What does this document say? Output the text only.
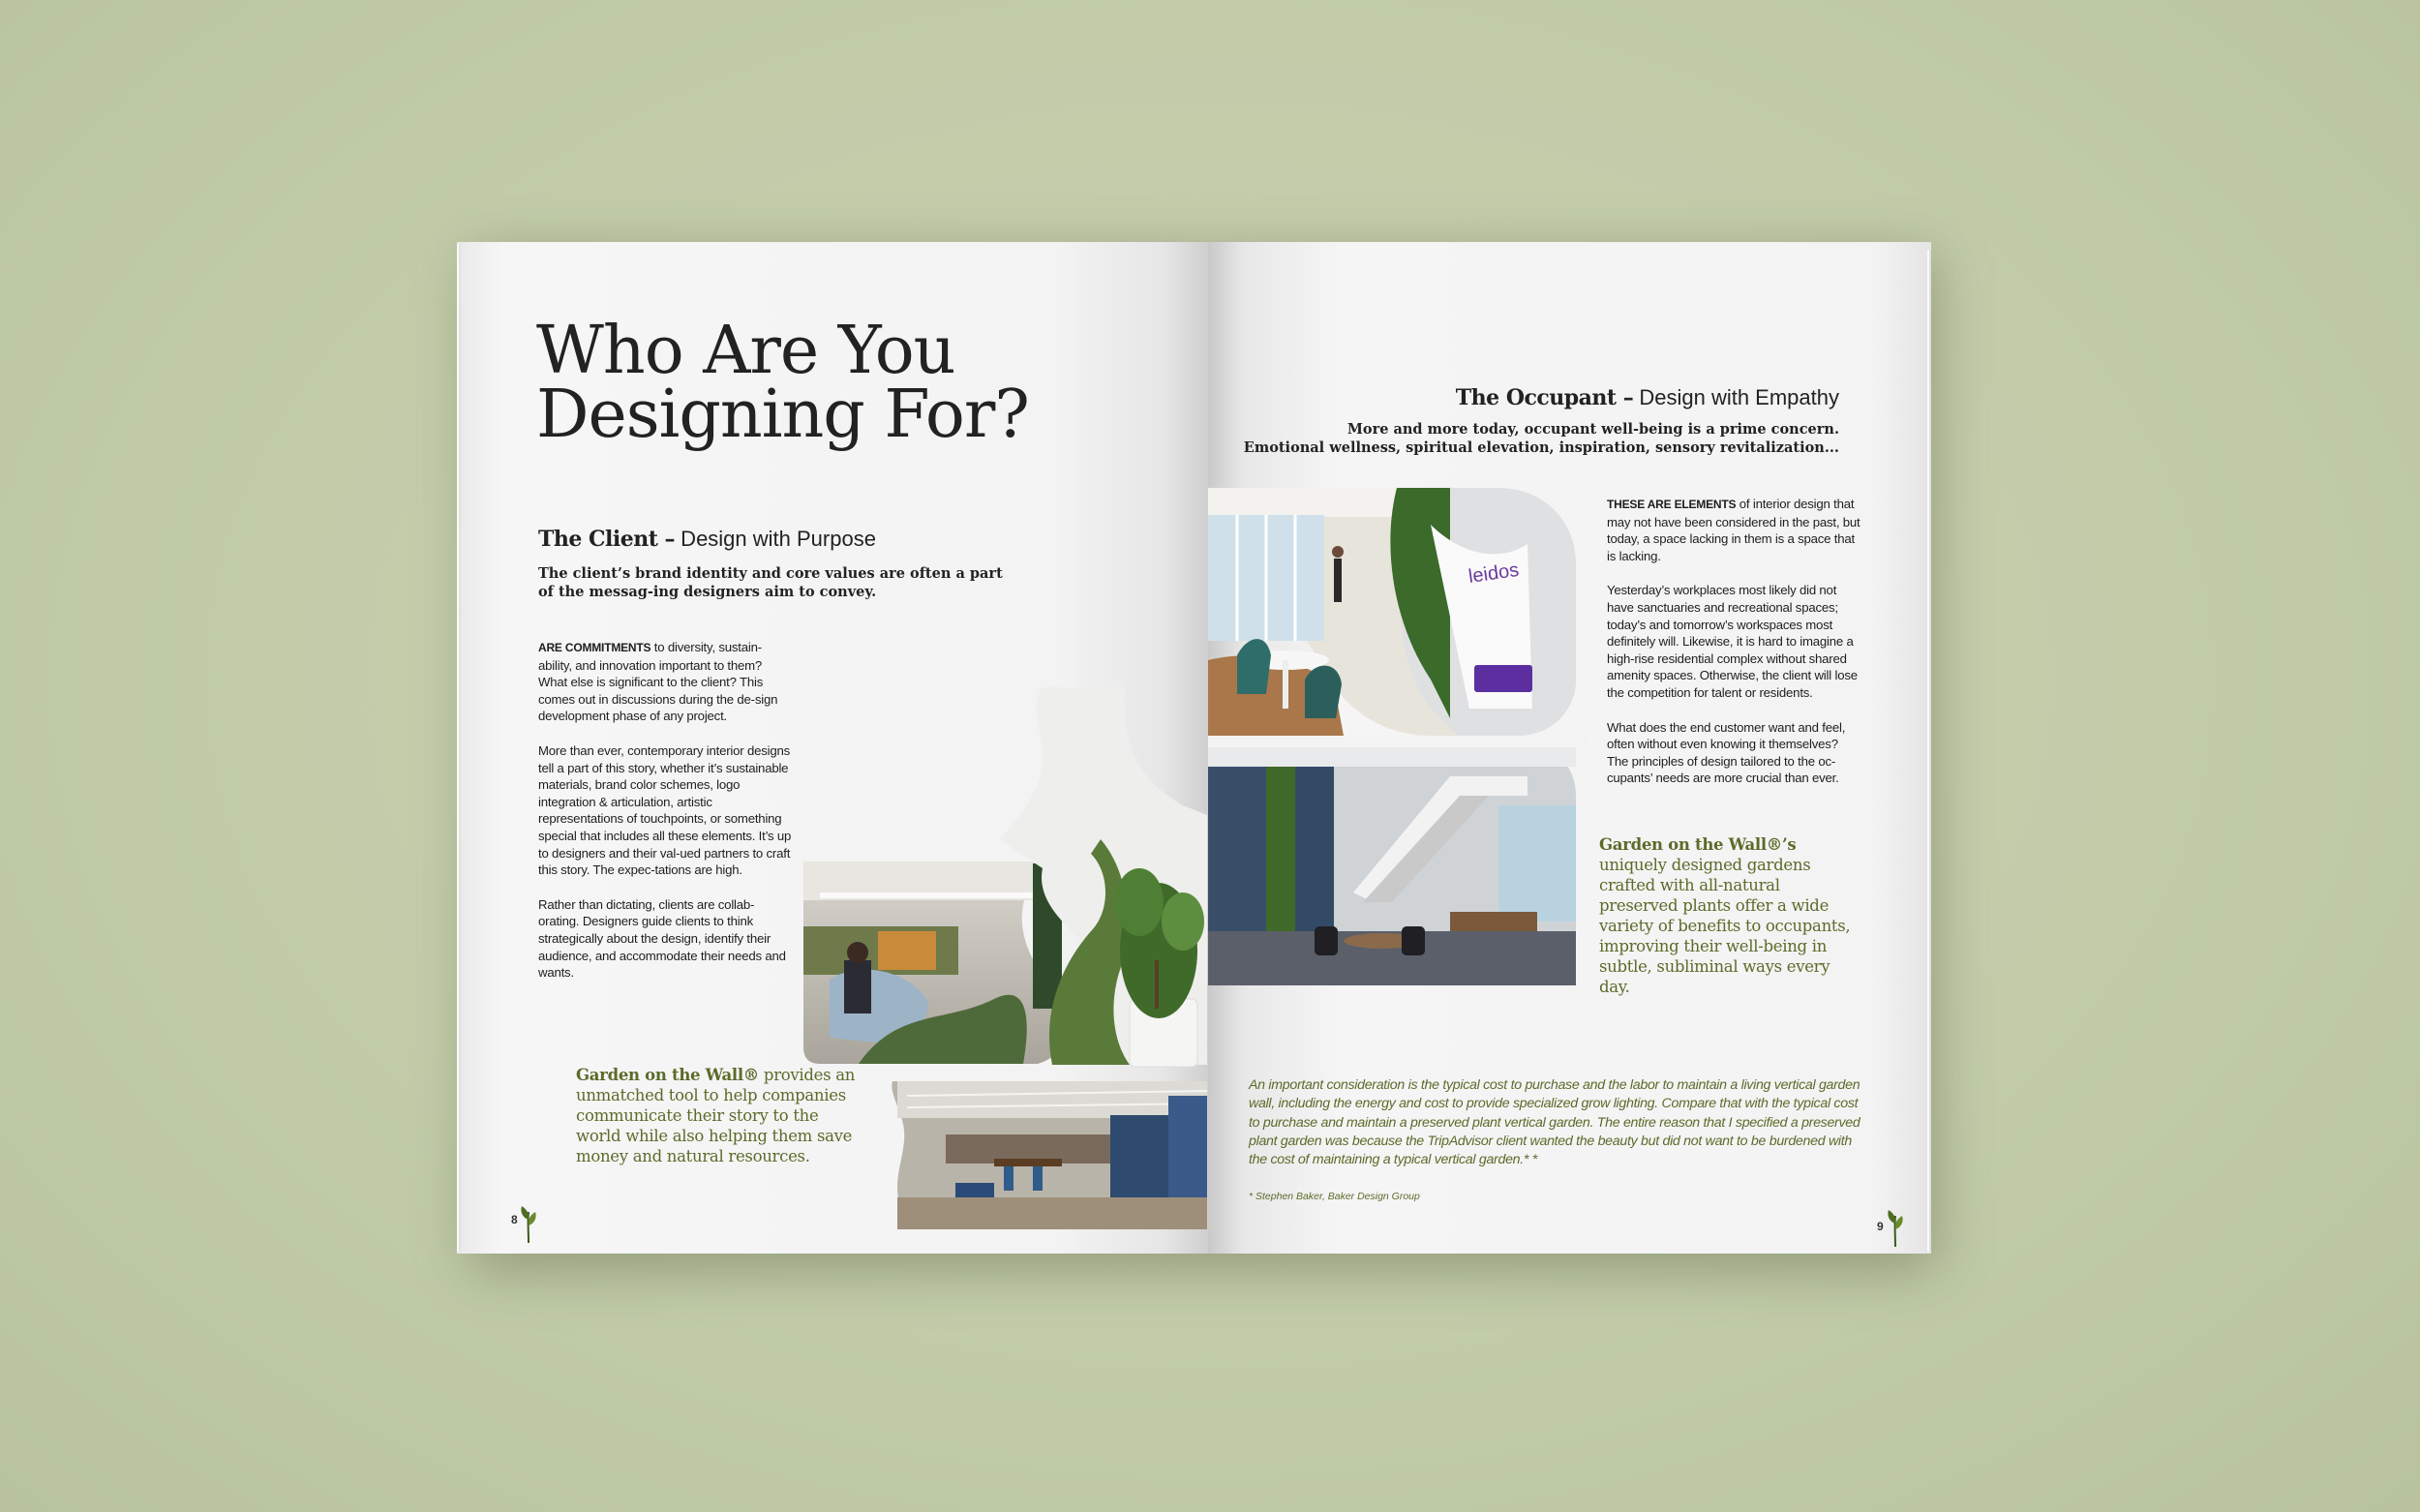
Who Are You
Designing For?
The Client – Design with Purpose

The client’s brand identity and core values are often a part of the messag-ing designers aim to convey.

ARE COMMITMENTS to diversity, sustain-ability, and innovation important to them? What else is significant to the client? This comes out in discussions during the de-sign development phase of any project.

More than ever, contemporary interior designs tell a part of this story, whether it’s sustainable materials, brand color schemes, logo integration & articulation, artistic representations of touchpoints, or something special that includes all these elements. It’s up to designers and their val-ued partners to craft this story. The expec-tations are high.

Rather than dictating, clients are collab-orating. Designers guide clients to think strategically about the design, identify their audience, and accommodate their needs and wants.

Garden on the Wall® provides an unmatched tool to help companies communicate their story to the world while also helping them save money and natural resources.
8
The Occupant – Design with Empathy

More and more today, occupant well-being is a prime concern.
Emotional wellness, spiritual elevation, inspiration, sensory revitalization...

leidos

THESE ARE ELEMENTS of interior design that may not have been considered in the past, but today, a space lacking in them is a space that is lacking.

Yesterday’s workplaces most likely did not have sanctuaries and recreational spaces; today’s and tomorrow’s workspaces most definitely will. Likewise, it is hard to imagine a high-rise residential complex without shared amenity spaces. Otherwise, the client will lose the competition for talent or residents.

What does the end customer want and feel, often without even knowing it themselves? The principles of design tailored to the oc-cupants’ needs are more crucial than ever.

An important consideration is the typical cost to purchase and the labor to maintain a living vertical garden wall, including the energy and cost to provide specialized grow lighting. Compare that with the typical cost to purchase and maintain a preserved plant vertical garden. The entire reason that I specified a preserved plant garden was because the TripAdvisor client wanted the beauty but did not want to be burdened with the cost of maintaining a typical vertical garden.* *
* Stephen Baker, Baker Design Group
9
Garden on the Wall®’s uniquely designed gardens crafted with all-natural preserved plants offer a wide variety of benefits to occupants, improving their well-being in subtle, subliminal ways every day.
